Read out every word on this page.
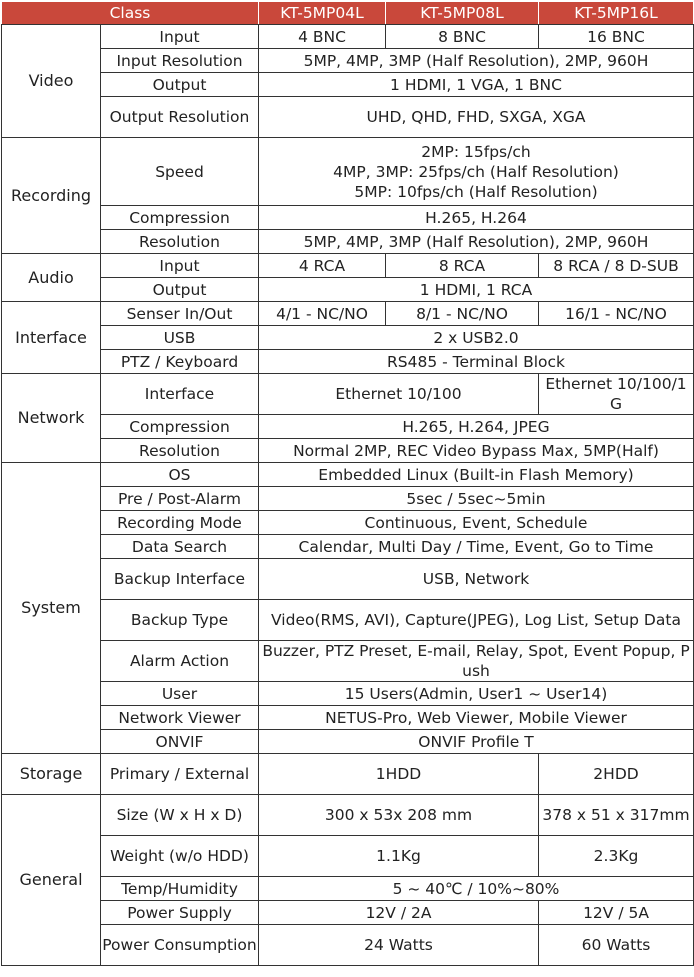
Class		KT-5MP04L	KT-5MP08L	KT-5MP16L
Video	Input	4 BNC	8 BNC	16 BNC
	Input Resolution	5MP, 4MP, 3MP (Half Resolution), 2MP, 960H		
	Output	1 HDMI, 1 VGA, 1 BNC		
	Output Resolution	UHD, QHD, FHD, SXGA, XGA		
Recording	Speed	2MP: 15fps/ch
4MP, 3MP: 25fps/ch (Half Resolution)
5MP: 10fps/ch (Half Resolution)		
	Compression	H.265, H.264		
	Resolution	5MP, 4MP, 3MP (Half Resolution), 2MP, 960H		
Audio	Input	4 RCA	8 RCA	8 RCA / 8 D-SUB
	Output	1 HDMI, 1 RCA		
Interface	Senser In/Out	4/1 - NC/NO	8/1 - NC/NO	16/1 - NC/NO
	USB	2 x USB2.0		
	PTZ / Keyboard	RS485 - Terminal Block		
Network	Interface	Ethernet 10/100		Ethernet 10/100/1G
	Compression	H.265, H.264, JPEG		
	Resolution	Normal 2MP, REC Video Bypass Max, 5MP(Half)		
System	OS	Embedded Linux (Built-in Flash Memory)		
	Pre / Post-Alarm	5sec / 5sec~5min		
	Recording Mode	Continuous, Event, Schedule		
	Data Search	Calendar, Multi Day / Time, Event, Go to Time		
	Backup Interface	USB, Network		
	Backup Type	Video(RMS, AVI), Capture(JPEG), Log List, Setup Data		
	Alarm Action	Buzzer, PTZ Preset, E-mail, Relay, Spot, Event Popup, Push		
	User	15 Users(Admin, User1 ~ User14)		
	Network Viewer	NETUS-Pro, Web Viewer, Mobile Viewer		
	ONVIF	ONVIF Profile T		
Storage	Primary / External	1HDD		2HDD
General	Size (W x H x D)	300 x 53x 208 mm		378 x 51 x 317mm
	Weight (w/o HDD)	1.1Kg		2.3Kg
	Temp/Humidity	5 ~ 40℃ / 10%~80%		
	Power Supply	12V / 2A		12V / 5A
	Power Consumption	24 Watts		60 Watts
